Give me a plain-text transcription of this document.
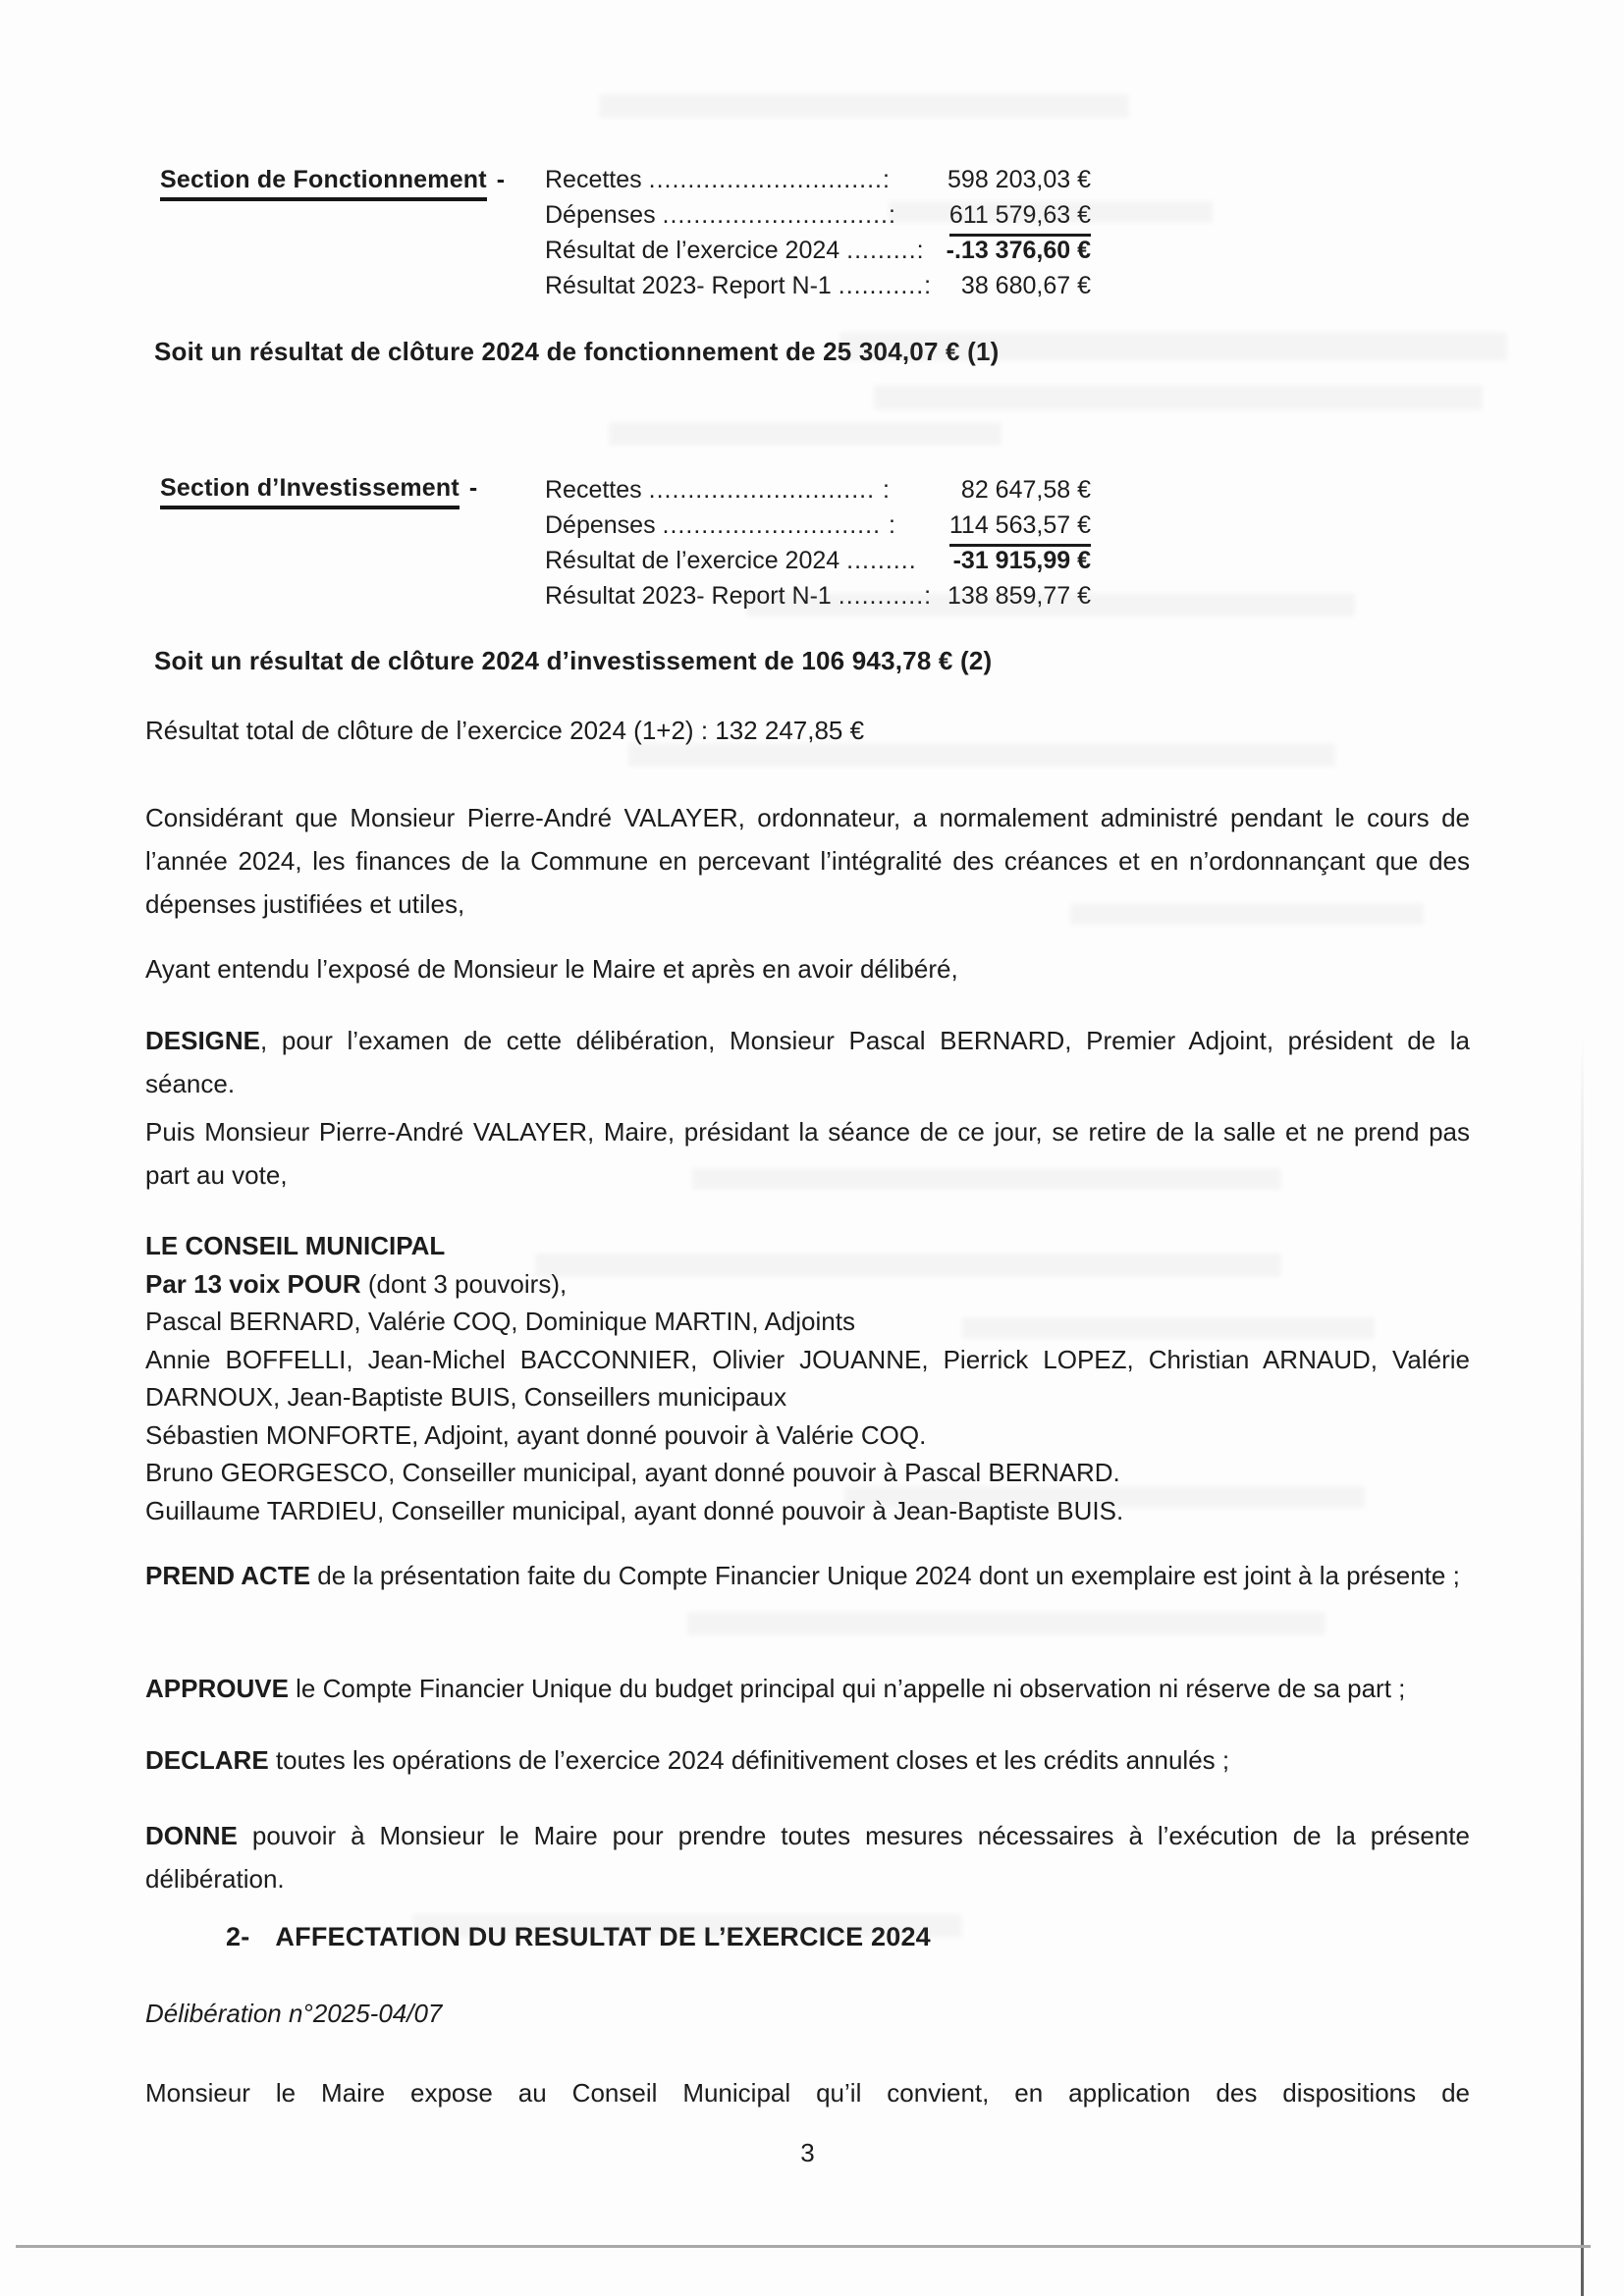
Section de Fonctionnement - Recettes ..............................: 598 203,03 €
Dépenses .............................: 611 579,63 €
Résultat de l’exercice 2024 .........: -.13 376,60 €
Résultat 2023- Report N-1 ...........: 38 680,67 €
Soit un résultat de clôture 2024 de fonctionnement de 25 304,07 € (1)
Section d’Investissement -	Recettes ............................. :	82 647,58 €
Dépenses ............................ : 114 563,57 €
Résultat de l’exercice 2024 ......... -31 915,99 €
Résultat 2023- Report N-1 ...........: 138 859,77 €
Soit un résultat de clôture 2024 d’investissement de 106 943,78 € (2)

Résultat total de clôture de l’exercice 2024 (1+2) : 132 247,85 €

Considérant que Monsieur Pierre-André VALAYER, ordonnateur, a normalement administré pendant le cours de l’année 2024, les finances de la Commune en percevant l’intégralité des créances et en n’ordonnançant que des dépenses justifiées et utiles,

Ayant entendu l’exposé de Monsieur le Maire et après en avoir délibéré,

DESIGNE, pour l’examen de cette délibération, Monsieur Pascal BERNARD, Premier Adjoint, président de la séance.

Puis Monsieur Pierre-André VALAYER, Maire, présidant la séance de ce jour, se retire de la salle et ne prend pas part au vote,

LE CONSEIL MUNICIPAL

Par 13 voix POUR (dont 3 pouvoirs),

Pascal BERNARD, Valérie COQ, Dominique MARTIN, Adjoints

Annie BOFFELLI, Jean-Michel BACCONNIER, Olivier JOUANNE, Pierrick LOPEZ, Christian ARNAUD, Valérie DARNOUX, Jean-Baptiste BUIS, Conseillers municipaux

Sébastien MONFORTE, Adjoint, ayant donné pouvoir à Valérie COQ.

Bruno GEORGESCO, Conseiller municipal, ayant donné pouvoir à Pascal BERNARD.

Guillaume TARDIEU, Conseiller municipal, ayant donné pouvoir à Jean-Baptiste BUIS.

PREND ACTE de la présentation faite du Compte Financier Unique 2024 dont un exemplaire est joint à la présente ;

APPROUVE le Compte Financier Unique du budget principal qui n’appelle ni observation ni réserve de sa part ;

DECLARE toutes les opérations de l’exercice 2024 définitivement closes et les crédits annulés ;

DONNE pouvoir à Monsieur le Maire pour prendre toutes mesures nécessaires à l’exécution de la présente délibération.

2- AFFECTATION DU RESULTAT DE L’EXERCICE 2024

Délibération n°2025-04/07

Monsieur le Maire expose au Conseil Municipal qu’il convient, en application des dispositions de

3
